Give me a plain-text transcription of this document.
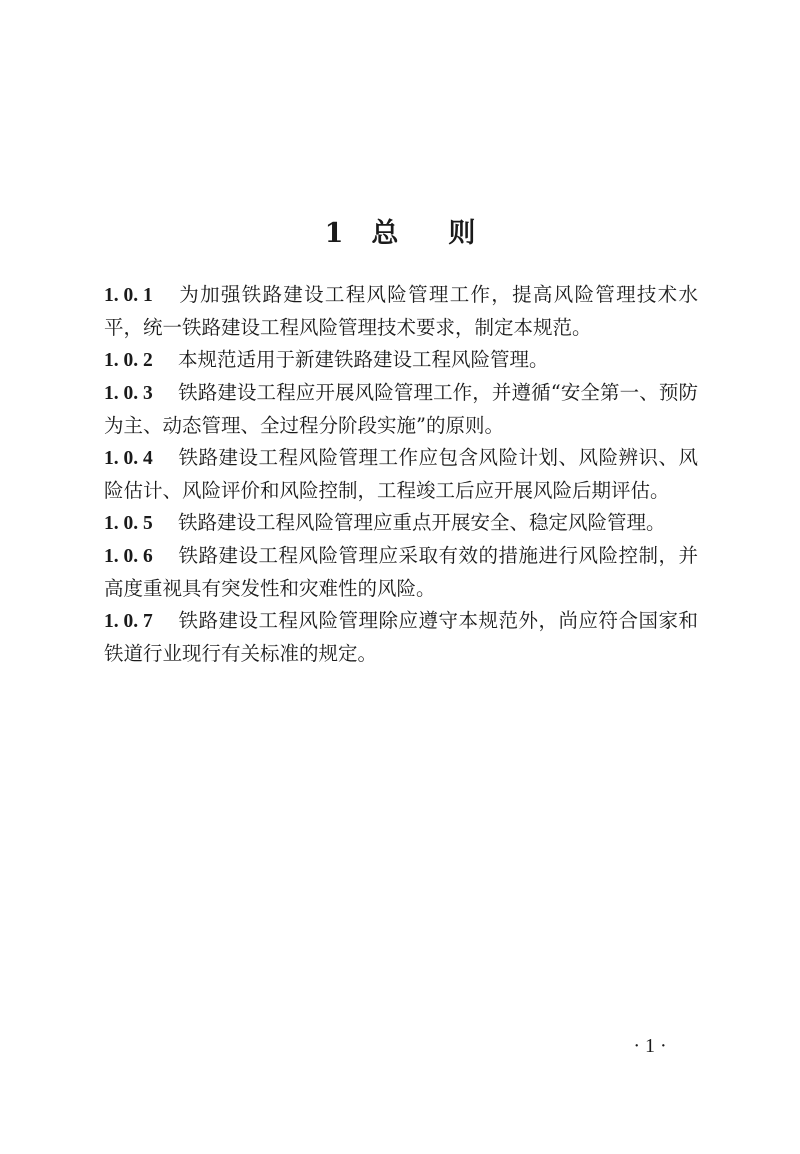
1 总 则

1. 0. 1 为加强铁路建设工程风险管理工作，提高风险管理技术水平，统一铁路建设工程风险管理技术要求，制定本规范。

1. 0. 2 本规范适用于新建铁路建设工程风险管理。

1. 0. 3 铁路建设工程应开展风险管理工作，并遵循“安全第一、预防为主、动态管理、全过程分阶段实施”的原则。

1. 0. 4 铁路建设工程风险管理工作应包含风险计划、风险辨识、风险估计、风险评价和风险控制，工程竣工后应开展风险后期评估。

1. 0. 5 铁路建设工程风险管理应重点开展安全、稳定风险管理。

1. 0. 6 铁路建设工程风险管理应采取有效的措施进行风险控制，并高度重视具有突发性和灾难性的风险。

1. 0. 7 铁路建设工程风险管理除应遵守本规范外，尚应符合国家和铁道行业现行有关标准的规定。

· 1 ·
